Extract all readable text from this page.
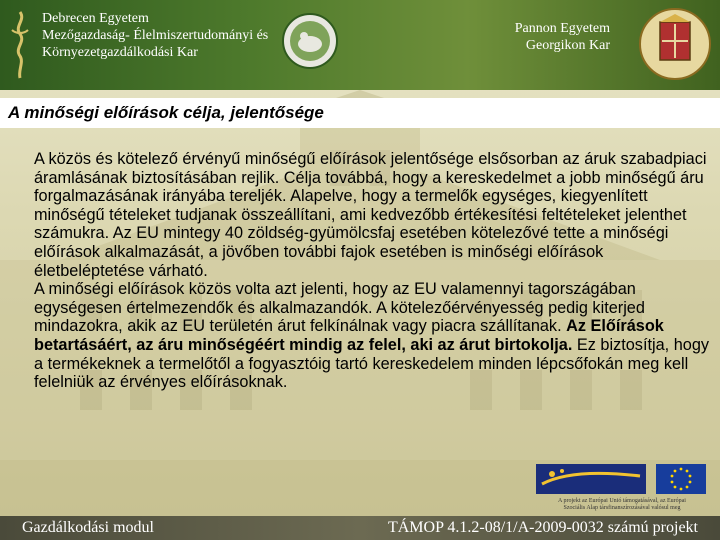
Debrecen Egyetem
Mezőgazdaság- Élelmiszertudományi és
Környezetgazdálkodási Kar
Pannon Egyetem
Georgikon Kar
A minőségi előírások célja, jelentősége

A közös és kötelező érvényű minőségű előírások jelentősége elsősorban az áruk szabadpiaci áramlásának biztosításában rejlik. Célja továbbá, hogy a kereskedelmet a jobb minőségű áru forgalmazásának irányába tereljék. Alapelve, hogy a termelők egységes, kiegyenlített minőségű tételeket tudjanak összeállítani, ami kedvezőbb értékesítési feltételeket jelenthet számukra. Az EU mintegy 40 zöldség-gyümölcsfaj esetében kötelezővé tette a minőségi előírások alkalmazását, a jövőben további fajok esetében is minőségi előírások életbeléptetése várható.

A minőségi előírások közös volta azt jelenti, hogy az EU valamennyi tagországában egységesen értelmezendők és alkalmazandók. A kötelezőérvényesség pedig kiterjed mindazokra, akik az EU területén árut felkínálnak vagy piacra szállítanak. Az Előírások betartásáért, az áru minőségéért mindig az felel, aki az árut birtokolja. Ez biztosítja, hogy a termékeknek a termelőtől a fogyasztóig tartó kereskedelem minden lépcsőfokán meg kell felelniük az érvényes előírásoknak.

A projekt az Európai Unió támogatásával, az Európai
Szociális Alap társfinanszírozásával valósul meg
Gazdálkodási modul	TÁMOP 4.1.2-08/1/A-2009-0032 számú projekt
